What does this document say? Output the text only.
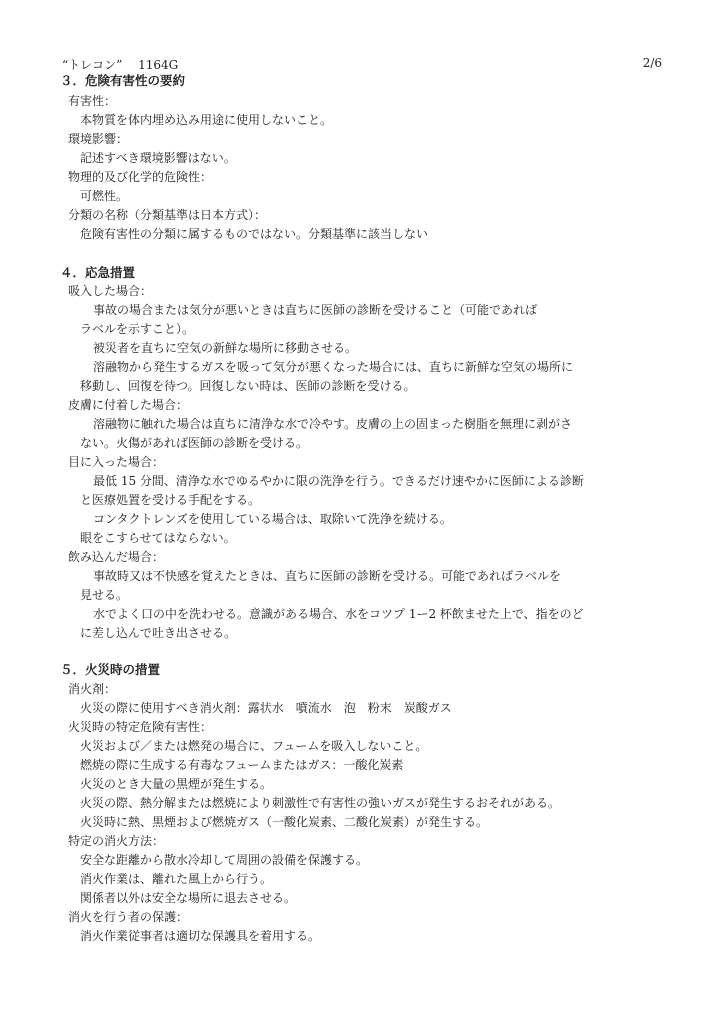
“トレコン”　 1164G	2/6
３．危険有害性の要約
有害性：
本物質を体内埋め込み用途に使用しないこと。
環境影響：
記述すべき環境影響はない。
物理的及び化学的危険性：
可燃性。
分類の名称（分類基準は日本方式）：
危険有害性の分類に属するものではない。分類基準に該当しない
４．応急措置
吸入した場合：
事故の場合または気分が悪いときは直ちに医師の診断を受けること（可能であれば
ラベルを示すこと）。
被災者を直ちに空気の新鮮な場所に移動させる。
溶融物から発生するガスを吸って気分が悪くなった場合には、直ちに新鮮な空気の場所に
移動し、回復を待つ。回復しない時は、医師の診断を受ける。
皮膚に付着した場合：
溶融物に触れた場合は直ちに清浄な水で冷やす。皮膚の上の固まった樹脂を無理に剥がさ
ない。火傷があれば医師の診断を受ける。
目に入った場合：
最低 15 分間、清浄な水でゆるやかに限の洗浄を行う。できるだけ速やかに医師による診断
と医療処置を受ける手配をする。
コンタクトレンズを使用している場合は、取除いて洗浄を続ける。
眼をこすらせてはならない。
飲み込んだ場合：
事故時又は不快感を覚えたときは、直ちに医師の診断を受ける。可能であればラベルを
見せる。
水でよく口の中を洗わせる。意識がある場合、水をコツプ 1ー2 杯飲ませた上で、指をのど
に差し込んで吐き出させる。
５．火災時の措置
消火剤：
火災の際に使用すべき消火剤：露状水　噴流水　泡　粉末　炭酸ガス
火災時の特定危険有害性：
火災および／または燃発の場合に、フュームを吸入しないこと。
燃焼の際に生成する有毒なフュームまたはガス：一酸化炭素
火災のとき大量の黒煙が発生する。
火災の際、熱分解または燃焼により刺激性で有害性の強いガスが発生するおそれがある。
火災時に熱、黒煙および燃焼ガス（一酸化炭素、二酸化炭素）が発生する。
特定の消火方法：
安全な距離から散水冷却して周囲の設備を保護する。
消火作業は、離れた風上から行う。
関係者以外は安全な場所に退去させる。
消火を行う者の保護：
消火作業従事者は適切な保護具を着用する。
